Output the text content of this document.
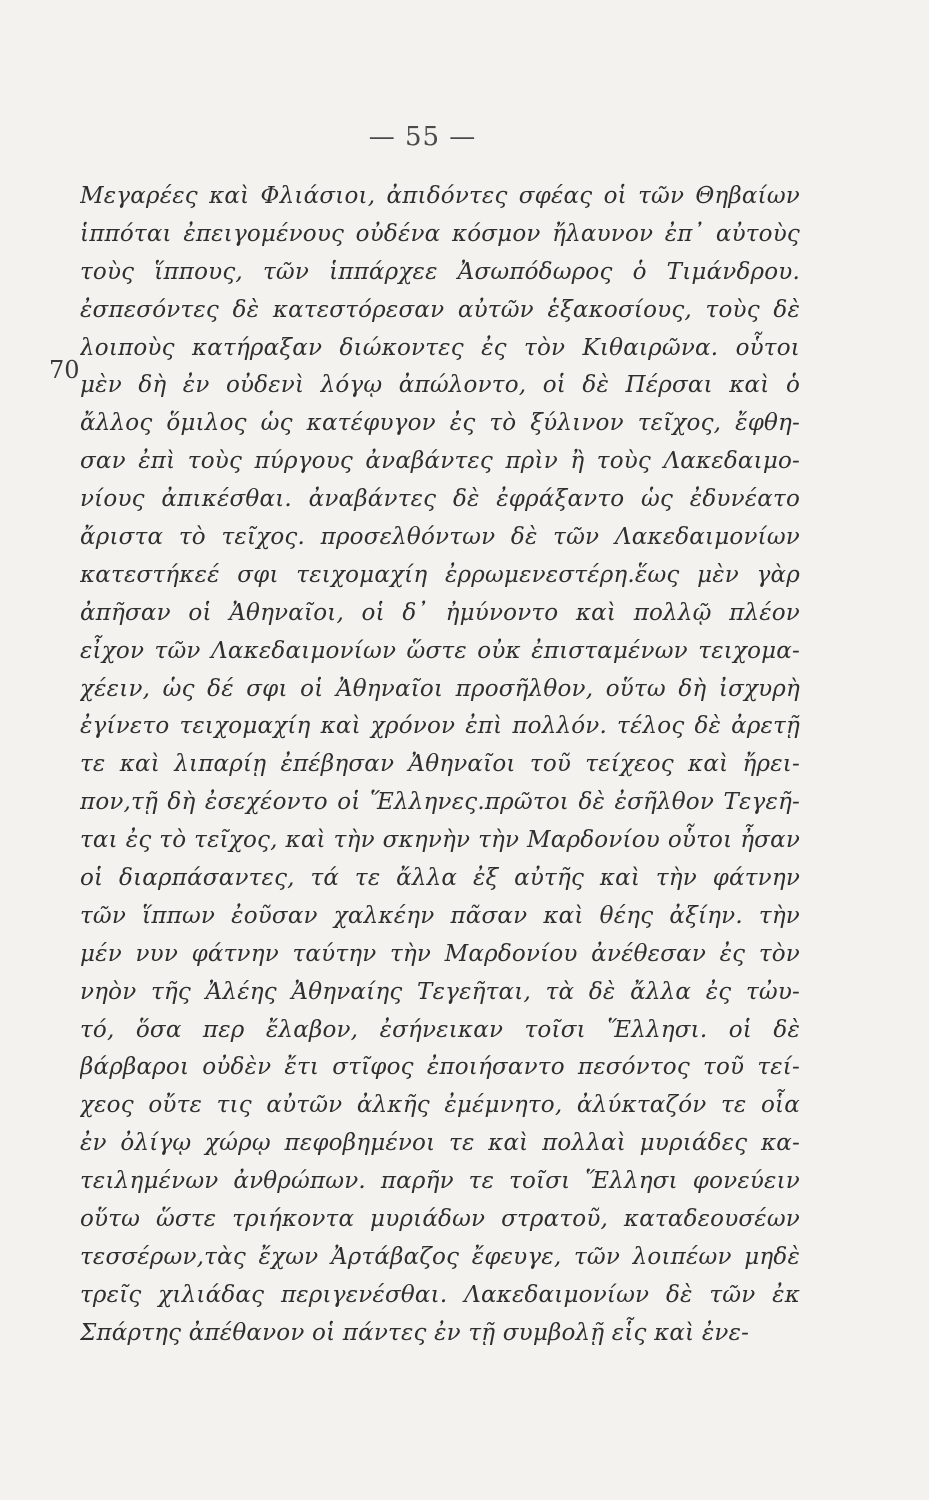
— 55 —
70
Μεγαρέες καὶ Φλιάσιοι, ἀπιδόντες σφέας οἱ τῶν Θηβαίων
ἱππόται ἐπειγομένους οὐδένα κόσμον ἤλαυνον ἐπ᾽ αὐτοὺς
τοὺς ἵππους, τῶν ἱππάρχεε Ἀσωπόδωρος ὁ Τιμάνδρου.
ἐσπεσόντες δὲ κατεστόρεσαν αὐτῶν ἑξακοσίους, τοὺς δὲ
λοιποὺς κατήραξαν διώκοντες ἐς τὸν Κιθαιρῶνα. οὗτοι
μὲν δὴ ἐν οὐδενὶ λόγῳ ἀπώλοντο, οἱ δὲ Πέρσαι καὶ ὁ
ἄλλος ὅμιλος ὡς κατέφυγον ἐς τὸ ξύλινον τεῖχος, ἔφθη-
σαν ἐπὶ τοὺς πύργους ἀναβάντες πρὶν ἢ τοὺς Λακεδαιμο-
νίους ἀπικέσθαι. ἀναβάντες δὲ ἐφράξαντο ὡς ἐδυνέατο
ἄριστα τὸ τεῖχος. προσελθόντων δὲ τῶν Λακεδαιμονίων
κατεστήκεέ σφι τειχομαχίη ἐρρωμενεστέρη.ἕως μὲν γὰρ
ἀπῆσαν οἱ Ἀθηναῖοι, οἱ δ᾽ ἠμύνοντο καὶ πολλῷ πλέον
εἶχον τῶν Λακεδαιμονίων ὥστε οὐκ ἐπισταμένων τειχομα-
χέειν, ὡς δέ σφι οἱ Ἀθηναῖοι προσῆλθον, οὕτω δὴ ἰσχυρὴ
ἐγίνετο τειχομαχίη καὶ χρόνον ἐπὶ πολλόν. τέλος δὲ ἀρετῇ
τε καὶ λιπαρίῃ ἐπέβησαν Ἀθηναῖοι τοῦ τείχεος καὶ ἤρει-
πον,τῇ δὴ ἐσεχέοντο οἱ Ἕλληνες.πρῶτοι δὲ ἐσῆλθον Τεγεῆ-
ται ἐς τὸ τεῖχος, καὶ τὴν σκηνὴν τὴν Μαρδονίου οὗτοι ἦσαν
οἱ διαρπάσαντες, τά τε ἄλλα ἐξ αὐτῆς καὶ τὴν φάτνην
τῶν ἵππων ἐοῦσαν χαλκέην πᾶσαν καὶ θέης ἀξίην. τὴν
μέν νυν φάτνην ταύτην τὴν Μαρδονίου ἀνέθεσαν ἐς τὸν
νηὸν τῆς Ἀλέης Ἀθηναίης Τεγεῆται, τὰ δὲ ἄλλα ἐς τὠυ-
τό, ὅσα περ ἔλαβον, ἐσήνεικαν τοῖσι Ἕλλησι. οἱ δὲ
βάρβαροι οὐδὲν ἔτι στῖφος ἐποιήσαντο πεσόντος τοῦ τεί-
χεος οὔτε τις αὐτῶν ἀλκῆς ἐμέμνητο, ἀλύκταζόν τε οἷα
ἐν ὀλίγῳ χώρῳ πεφοβημένοι τε καὶ πολλαὶ μυριάδες κα-
τειλημένων ἀνθρώπων. παρῆν τε τοῖσι Ἕλλησι φονεύειν
οὕτω ὥστε τριήκοντα μυριάδων στρατοῦ, καταδεουσέων
τεσσέρων,τὰς ἔχων Ἀρτάβαζος ἔφευγε, τῶν λοιπέων μηδὲ
τρεῖς χιλιάδας περιγενέσθαι. Λακεδαιμονίων δὲ τῶν ἐκ
Σπάρτης ἀπέθανον οἱ πάντες ἐν τῇ συμβολῇ εἷς καὶ ἐνε-
